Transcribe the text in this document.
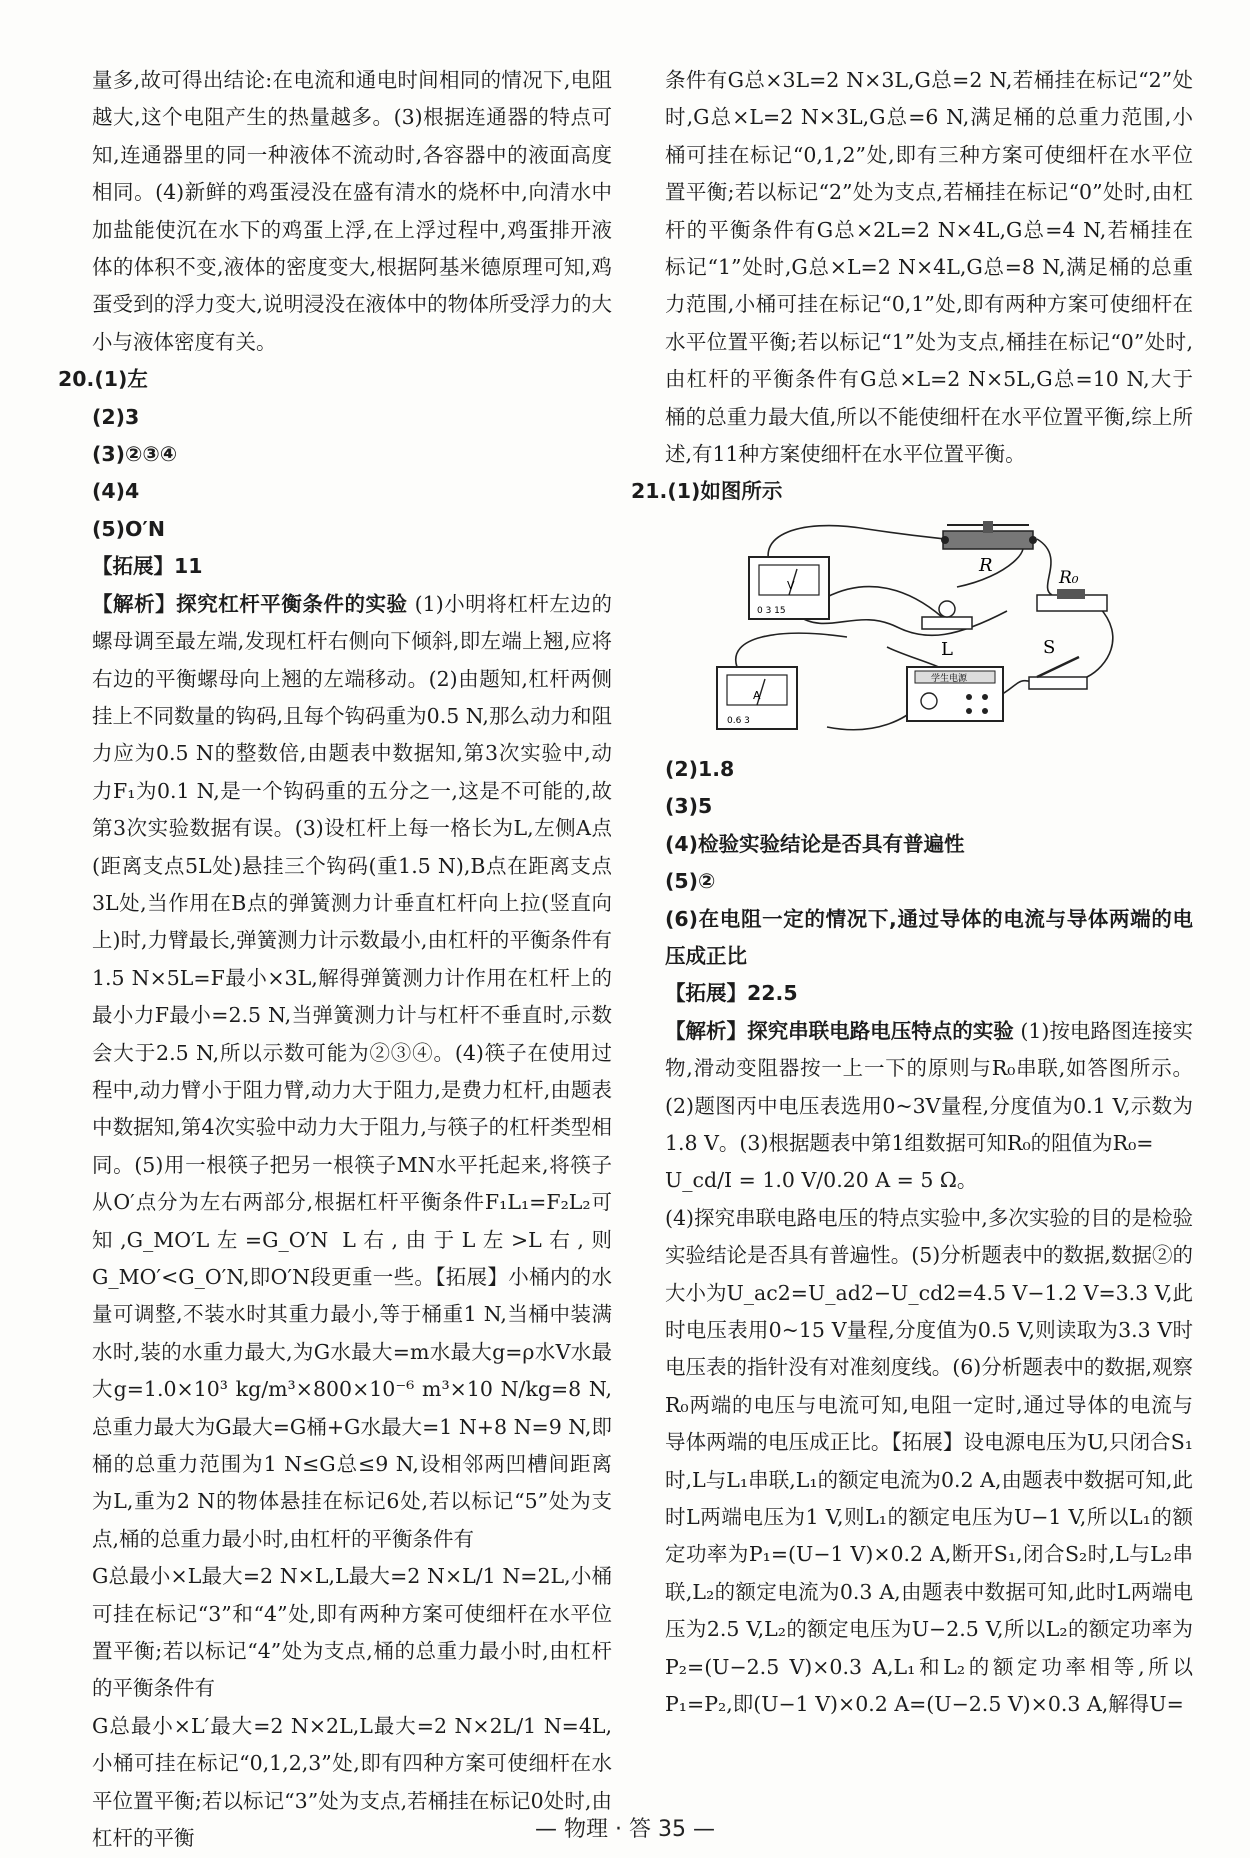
量多,故可得出结论:在电流和通电时间相同的情况下,电阻越大,这个电阻产生的热量越多。(3)根据连通器的特点可知,连通器里的同一种液体不流动时,各容器中的液面高度相同。(4)新鲜的鸡蛋浸没在盛有清水的烧杯中,向清水中加盐能使沉在水下的鸡蛋上浮,在上浮过程中,鸡蛋排开液体的体积不变,液体的密度变大,根据阿基米德原理可知,鸡蛋受到的浮力变大,说明浸没在液体中的物体所受浮力的大小与液体密度有关。

20.(1)左

(2)3

(3)②③④

(4)4

(5)O′N

【拓展】11

【解析】探究杠杆平衡条件的实验 (1)小明将杠杆左边的螺母调至最左端,发现杠杆右侧向下倾斜,即左端上翘,应将右边的平衡螺母向上翘的左端移动。(2)由题知,杠杆两侧挂上不同数量的钩码,且每个钩码重为0.5 N,那么动力和阻力应为0.5 N的整数倍,由题表中数据知,第3次实验中,动力F₁为0.1 N,是一个钩码重的五分之一,这是不可能的,故第3次实验数据有误。(3)设杠杆上每一格长为L,左侧A点(距离支点5L处)悬挂三个钩码(重1.5 N),B点在距离支点3L处,当作用在B点的弹簧测力计垂直杠杆向上拉(竖直向上)时,力臂最长,弹簧测力计示数最小,由杠杆的平衡条件有1.5 N×5L=F最小×3L,解得弹簧测力计作用在杠杆上的最小力F最小=2.5 N,当弹簧测力计与杠杆不垂直时,示数会大于2.5 N,所以示数可能为②③④。(4)筷子在使用过程中,动力臂小于阻力臂,动力大于阻力,是费力杠杆,由题表中数据知,第4次实验中动力大于阻力,与筷子的杠杆类型相同。(5)用一根筷子把另一根筷子MN水平托起来,将筷子从O′点分为左右两部分,根据杠杆平衡条件F₁L₁=F₂L₂可知,G_MO′L左=G_O′N L右,由于L左>L右,则G_MO′<G_O′N,即O′N段更重一些。【拓展】小桶内的水量可调整,不装水时其重力最小,等于桶重1 N,当桶中装满水时,装的水重力最大,为G水最大=m水最大g=ρ水V水最大g=1.0×10³ kg/m³×800×10⁻⁶ m³×10 N/kg=8 N,总重力最大为G最大=G桶+G水最大=1 N+8 N=9 N,即桶的总重力范围为1 N≤G总≤9 N,设相邻两凹槽间距离为L,重为2 N的物体悬挂在标记6处,若以标记“5”处为支点,桶的总重力最小时,由杠杆的平衡条件有

G总最小×L最大=2 N×L,L最大=2 N×L/1 N=2L,小桶可挂在标记“3”和“4”处,即有两种方案可使细杆在水平位置平衡;若以标记“4”处为支点,桶的总重力最小时,由杠杆的平衡条件有

G总最小×L′最大=2 N×2L,L最大=2 N×2L/1 N=4L,小桶可挂在标记“0,1,2,3”处,即有四种方案可使细杆在水平位置平衡;若以标记“3”处为支点,若桶挂在标记0处时,由杠杆的平衡

条件有G总×3L=2 N×3L,G总=2 N,若桶挂在标记“2”处时,G总×L=2 N×3L,G总=6 N,满足桶的总重力范围,小桶可挂在标记“0,1,2”处,即有三种方案可使细杆在水平位置平衡;若以标记“2”处为支点,若桶挂在标记“0”处时,由杠杆的平衡条件有G总×2L=2 N×4L,G总=4 N,若桶挂在标记“1”处时,G总×L=2 N×4L,G总=8 N,满足桶的总重力范围,小桶可挂在标记“0,1”处,即有两种方案可使细杆在水平位置平衡;若以标记“1”处为支点,桶挂在标记“0”处时,由杠杆的平衡条件有G总×L=2 N×5L,G总=10 N,大于桶的总重力最大值,所以不能使细杆在水平位置平衡,综上所述,有11种方案使细杆在水平位置平衡。

21.(1)如图所示

V
0 3 15
R
R₀
L
A
0.6 3
学生电源
S

(2)1.8

(3)5

(4)检验实验结论是否具有普遍性

(5)②

(6)在电阻一定的情况下,通过导体的电流与导体两端的电压成正比

【拓展】22.5

【解析】探究串联电路电压特点的实验 (1)按电路图连接实物,滑动变阻器按一上一下的原则与R₀串联,如答图所示。(2)题图丙中电压表选用0~3V量程,分度值为0.1 V,示数为1.8 V。(3)根据题表中第1组数据可知R₀的阻值为R₀=

U_cd/I = 1.0 V/0.20 A = 5 Ω。

(4)探究串联电路电压的特点实验中,多次实验的目的是检验实验结论是否具有普遍性。(5)分析题表中的数据,数据②的大小为U_ac2=U_ad2−U_cd2=4.5 V−1.2 V=3.3 V,此时电压表用0~15 V量程,分度值为0.5 V,则读取为3.3 V时电压表的指针没有对准刻度线。(6)分析题表中的数据,观察R₀两端的电压与电流可知,电阻一定时,通过导体的电流与导体两端的电压成正比。【拓展】设电源电压为U,只闭合S₁时,L与L₁串联,L₁的额定电流为0.2 A,由题表中数据可知,此时L两端电压为1 V,则L₁的额定电压为U−1 V,所以L₁的额定功率为P₁=(U−1 V)×0.2 A,断开S₁,闭合S₂时,L与L₂串联,L₂的额定电流为0.3 A,由题表中数据可知,此时L两端电压为2.5 V,L₂的额定电压为U−2.5 V,所以L₂的额定功率为P₂=(U−2.5 V)×0.3 A,L₁和L₂的额定功率相等,所以P₁=P₂,即(U−1 V)×0.2 A=(U−2.5 V)×0.3 A,解得U=

— 物理 · 答 35 —
